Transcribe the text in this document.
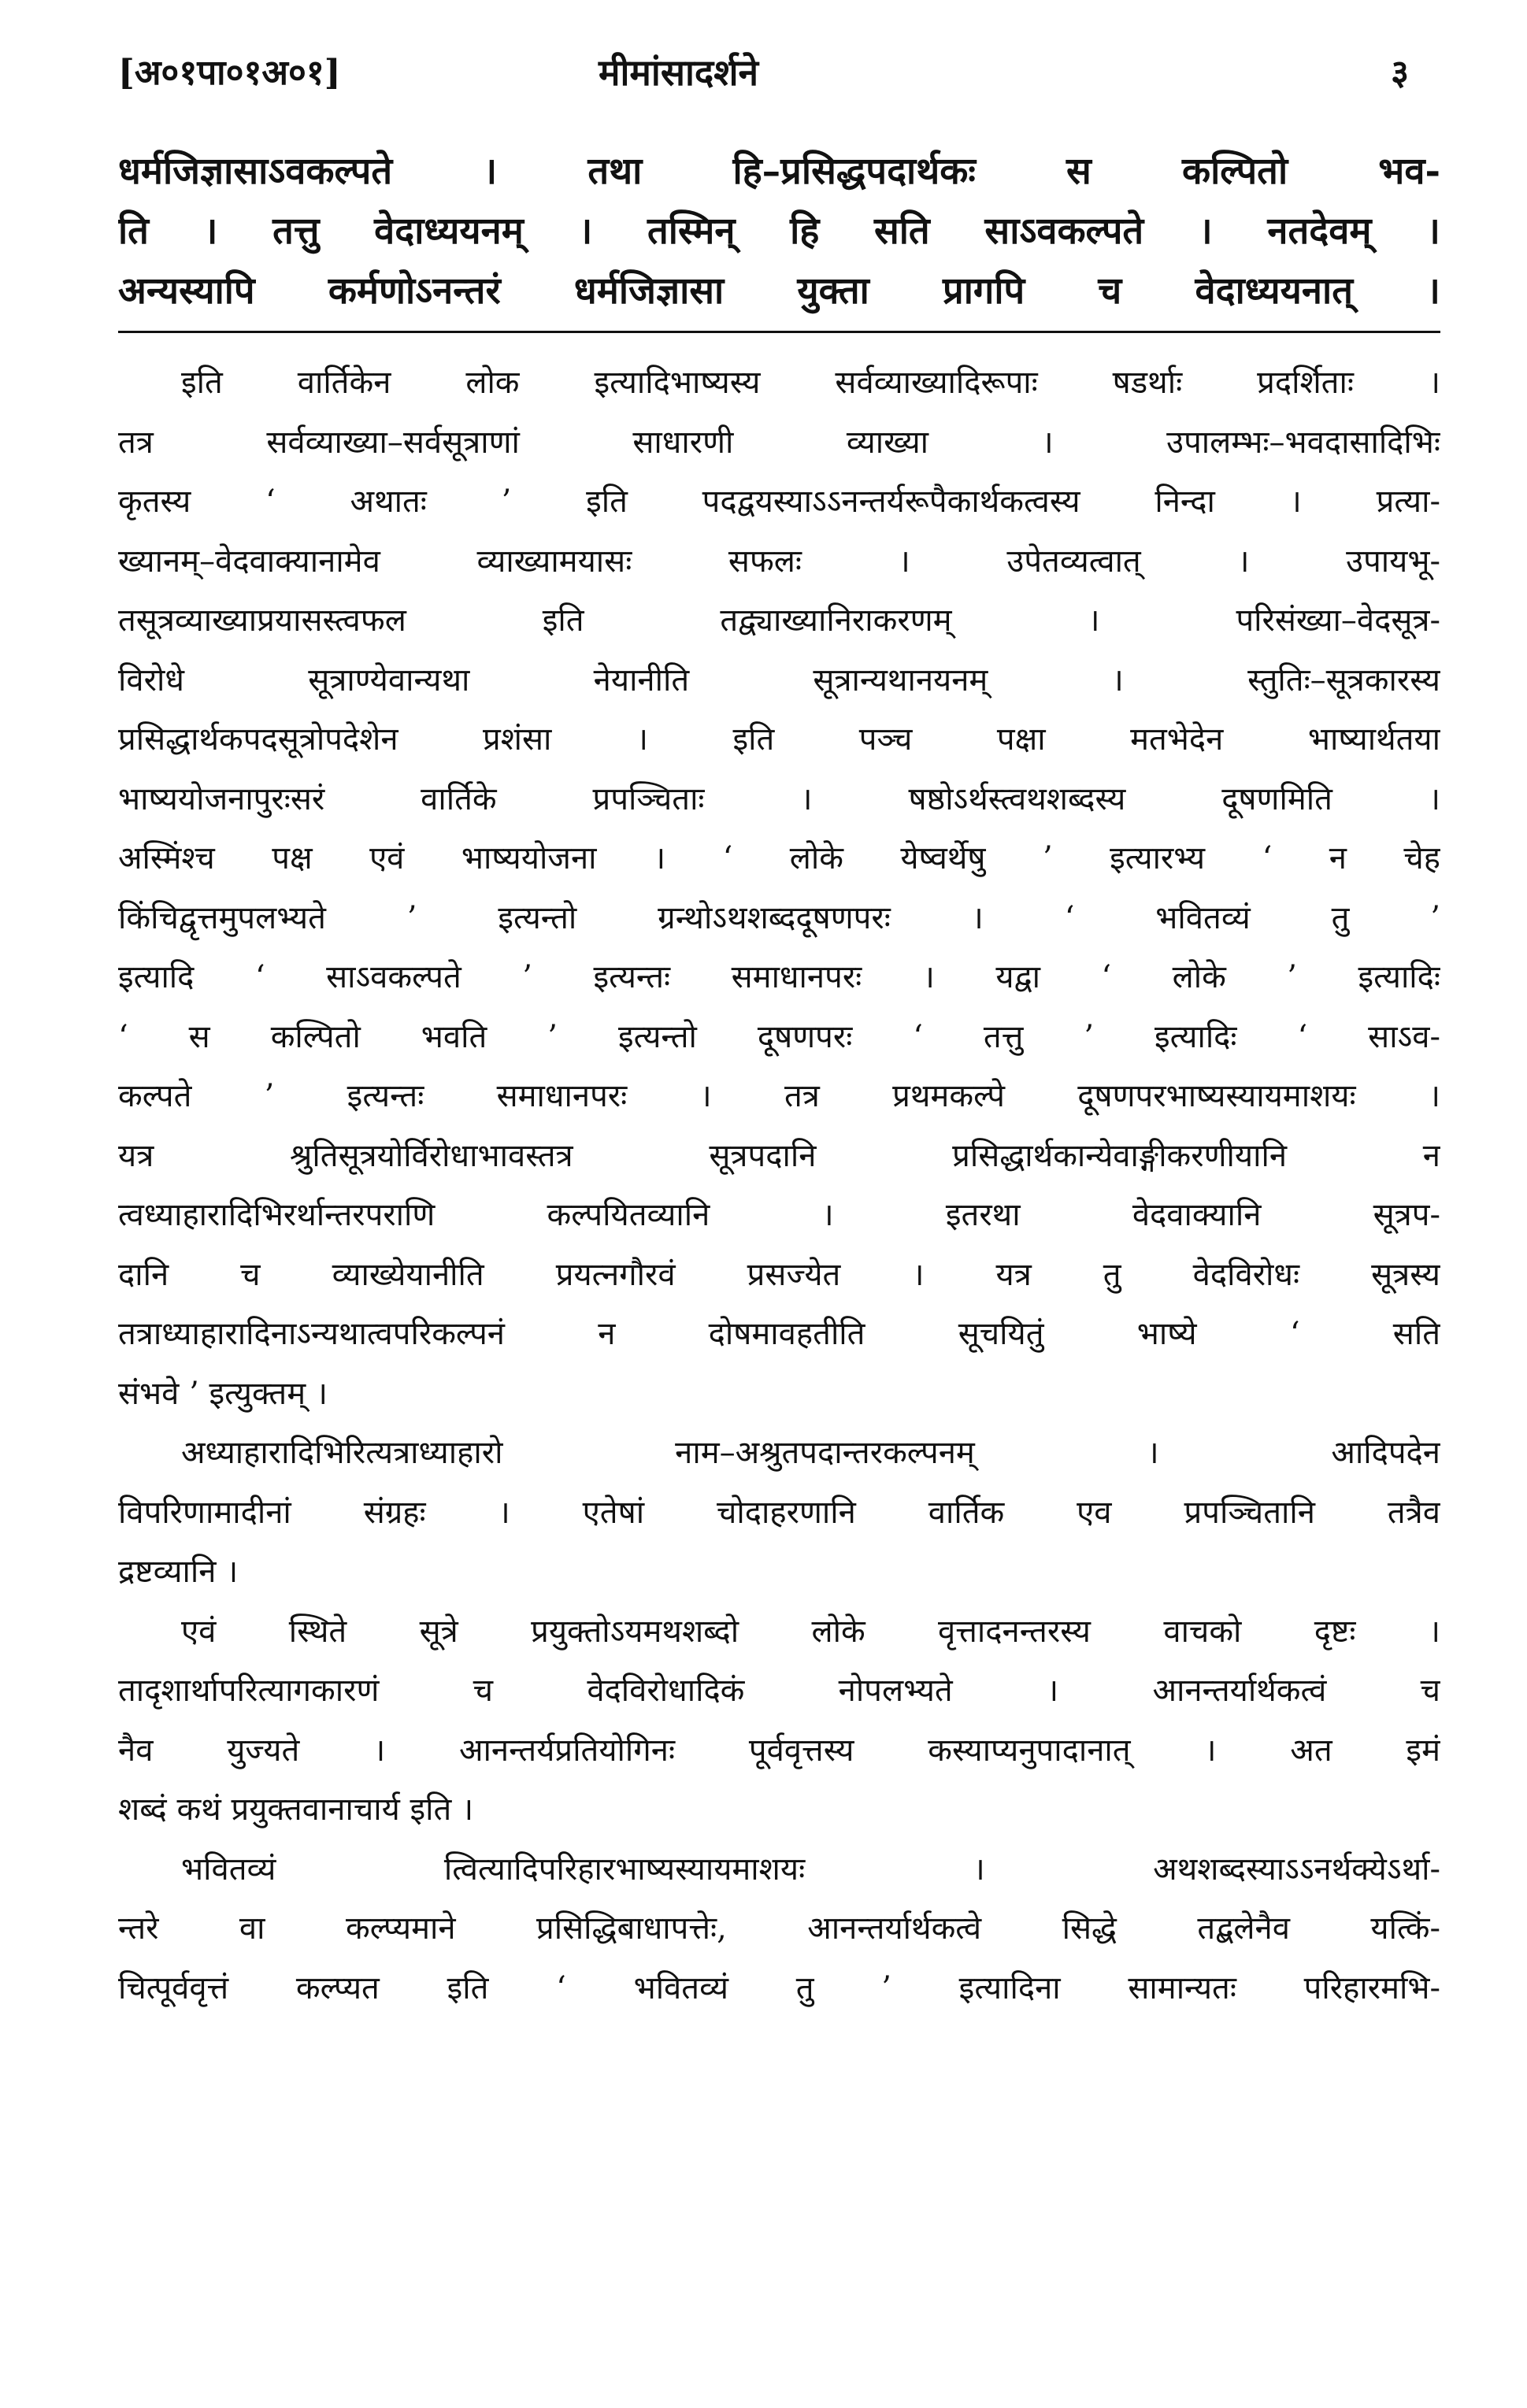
[अ०१पा०१अ०१]	मीमांसादर्शने	३
धर्मजिज्ञासाऽवकल्पते । तथा हि–प्रसिद्धपदार्थकः स कल्पितो भव-
ति । तत्तु वेदाध्ययनम् । तस्मिन् हि सति साऽवकल्पते । नतदेवम् ।
अन्यस्यापि कर्मणोऽनन्तरं धर्मजिज्ञासा युक्ता प्रागपि च वेदाध्ययनात् ।
इति वार्तिकेन लोक इत्यादिभाष्यस्य सर्वव्याख्यादिरूपाः षडर्थाः प्रदर्शिताः ।
तत्र सर्वव्याख्या–सर्वसूत्राणां साधारणी व्याख्या । उपालम्भः–भवदासादिभिः
कृतस्य ‘ अथातः ’ इति पदद्वयस्याऽऽनन्तर्यरूपैकार्थकत्वस्य निन्दा । प्रत्या-
ख्यानम्–वेदवाक्यानामेव व्याख्यामयासः सफलः । उपेतव्यत्वात् । उपायभू-
तसूत्रव्याख्याप्रयासस्त्वफल इति तद्व्याख्यानिराकरणम् । परिसंख्या–वेदसूत्र-
विरोधे सूत्राण्येवान्यथा नेयानीति सूत्रान्यथानयनम् । स्तुतिः–सूत्रकारस्य
प्रसिद्धार्थकपदसूत्रोपदेशेन प्रशंसा । इति पञ्च पक्षा मतभेदेन भाष्यार्थतया
भाष्ययोजनापुरःसरं वार्तिके प्रपञ्चिताः । षष्ठोऽर्थस्त्वथशब्दस्य दूषणमिति ।
अस्मिंश्च पक्ष एवं भाष्ययोजना । ‘ लोके येष्वर्थेषु ’ इत्यारभ्य ‘ न चेह
किंचिद्वृत्तमुपलभ्यते ’ इत्यन्तो ग्रन्थोऽथशब्ददूषणपरः । ‘ भवितव्यं तु ’
इत्यादि ‘ साऽवकल्पते ’ इत्यन्तः समाधानपरः । यद्वा ‘ लोके ’ इत्यादिः
‘ स कल्पितो भवति ’ इत्यन्तो दूषणपरः ‘ तत्तु ’ इत्यादिः ‘ साऽव-
कल्पते ’ इत्यन्तः समाधानपरः । तत्र प्रथमकल्पे दूषणपरभाष्यस्यायमाशयः ।
यत्र श्रुतिसूत्रयोर्विरोधाभावस्तत्र सूत्रपदानि प्रसिद्धार्थकान्येवाङ्गीकरणीयानि न
त्वध्याहारादिभिरर्थान्तरपराणि कल्पयितव्यानि । इतरथा वेदवाक्यानि सूत्रप-
दानि च व्याख्येयानीति प्रयत्नगौरवं प्रसज्येत । यत्र तु वेदविरोधः सूत्रस्य
तत्राध्याहारादिनाऽन्यथात्वपरिकल्पनं न दोषमावहतीति सूचयितुं भाष्ये ‘ सति
संभवे ’ इत्युक्तम् ।
अध्याहारादिभिरित्यत्राध्याहारो नाम–अश्रुतपदान्तरकल्पनम् । आदिपदेन
विपरिणामादीनां संग्रहः । एतेषां चोदाहरणानि वार्तिक एव प्रपञ्चितानि तत्रैव
द्रष्टव्यानि ।
एवं स्थिते सूत्रे प्रयुक्तोऽयमथशब्दो लोके वृत्तादनन्तरस्य वाचको दृष्टः ।
तादृशार्थापरित्यागकारणं च वेदविरोधादिकं नोपलभ्यते । आनन्तर्यार्थकत्वं च
नैव युज्यते । आनन्तर्यप्रतियोगिनः पूर्ववृत्तस्य कस्याप्यनुपादानात् । अत इमं
शब्दं कथं प्रयुक्तवानाचार्य इति ।
भवितव्यं त्वित्यादिपरिहारभाष्यस्यायमाशयः । अथशब्दस्याऽऽनर्थक्येऽर्था-
न्तरे वा कल्प्यमाने प्रसिद्धिबाधापत्तेः, आनन्तर्यार्थकत्वे सिद्धे तद्बलेनैव यत्किं-
चित्पूर्ववृत्तं कल्प्यत इति ‘ भवितव्यं तु ’ इत्यादिना सामान्यतः परिहारमभि-
